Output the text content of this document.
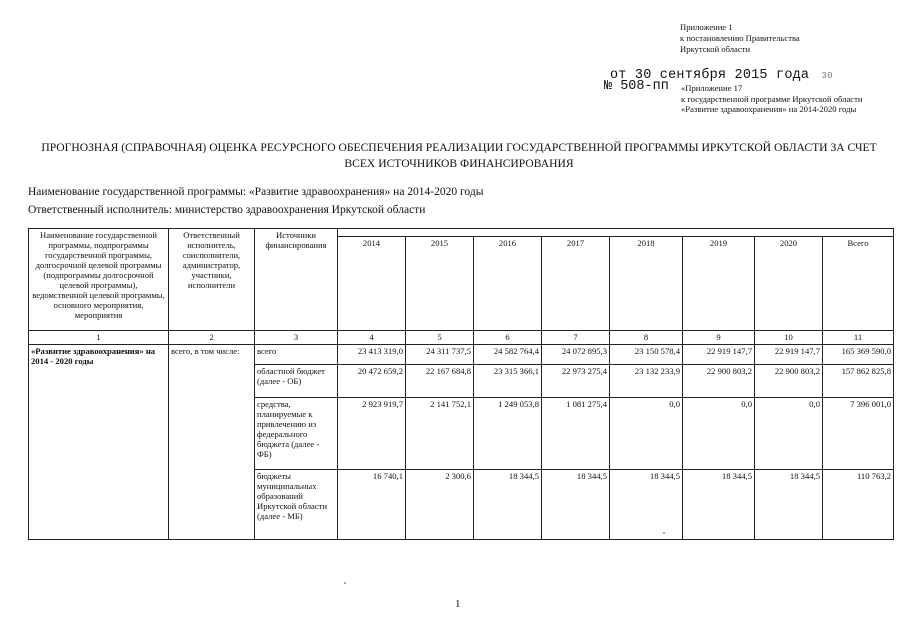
Приложение 1
к постановлению Правительства
Иркутской области
от 30 сентября 2015 года 30
№ 508-пп «Приложение 17
к государственной программе Иркутской области
«Развитие здравоохранения» на 2014-2020 годы
ПРОГНОЗНАЯ (СПРАВОЧНАЯ) ОЦЕНКА РЕСУРСНОГО ОБЕСПЕЧЕНИЯ РЕАЛИЗАЦИИ ГОСУДАРСТВЕННОЙ ПРОГРАММЫ ИРКУТСКОЙ ОБЛАСТИ ЗА СЧЕТ
ВСЕХ ИСТОЧНИКОВ ФИНАНСИРОВАНИЯ
Наименование государственной программы: «Развитие здравоохранения» на 2014-2020 годы
Ответственный исполнитель: министерство здравоохранения Иркутской области
Наименование государственной программы, подпрограммы государственной программы, долгосрочной целевой программы (подпрограммы долгосрочной целевой программы), ведомственной целевой программы, основного мероприятия, мероприятия	Ответственный исполнитель, соисполнители, администратор, участники, исполнители	Источники финансирования								
			2014	2015	2016	2017	2018	2019	2020	Всего
1	2	3	4	5	6	7	8	9	10	11
«Развитие здравоохранения» на 2014 - 2020 годы	всего, в том числе:	всего	23 413 319,0	24 311 737,5	24 582 764,4	24 072 895,3	23 150 578,4	22 919 147,7	22 919 147,7	165 369 590,0
		областной бюджет (далее - ОБ)	20 472 659,2	22 167 684,8	23 315 366,1	22 973 275,4	23 132 233,9	22 900 803,2	22 900 803,2	157 862 825,8
		средства, планируемые к привлечению из федерального бюджета (далее - ФБ)	2 923 919,7	2 141 752,1	1 249 053,8	1 081 275,4	0,0	0,0	0,0	7 396 001,0
		бюджеты муниципальных образований Иркутской области (далее - МБ)	16 740,1	2 300,6	18 344,5	18 344,5	18 344,5	18 344,5	18 344,5	110 763,2
1
